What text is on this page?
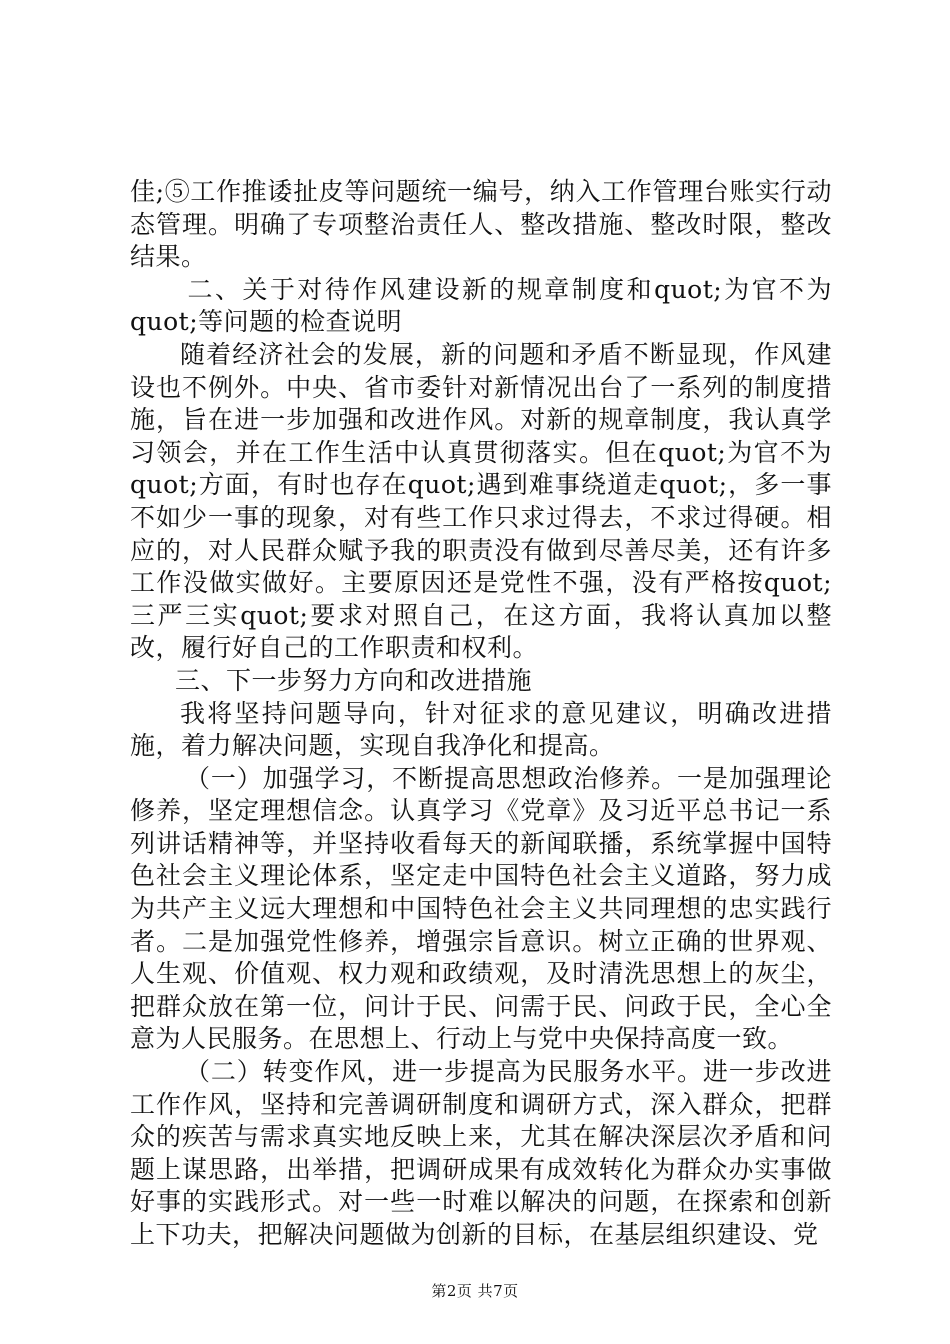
佳;⑤工作推诿扯皮等问题统一编号，纳入工作管理台账实行动态管理。明确了专项整治责任人、整改措施、整改时限，整改结果。

二、关于对待作风建设新的规章制度和quot;为官不为quot;等问题的检查说明

随着经济社会的发展，新的问题和矛盾不断显现，作风建设也不例外。中央、省市委针对新情况出台了一系列的制度措施，旨在进一步加强和改进作风。对新的规章制度，我认真学习领会，并在工作生活中认真贯彻落实。但在quot;为官不为quot;方面，有时也存在quot;遇到难事绕道走quot;，多一事不如少一事的现象，对有些工作只求过得去，不求过得硬。相应的，对人民群众赋予我的职责没有做到尽善尽美，还有许多工作没做实做好。主要原因还是党性不强，没有严格按quot;三严三实quot;要求对照自己，在这方面，我将认真加以整改，履行好自己的工作职责和权利。

三、下一步努力方向和改进措施

我将坚持问题导向，针对征求的意见建议，明确改进措施，着力解决问题，实现自我净化和提高。

（一）加强学习，不断提高思想政治修养。一是加强理论修养，坚定理想信念。认真学习《党章》及习近平总书记一系列讲话精神等，并坚持收看每天的新闻联播，系统掌握中国特色社会主义理论体系，坚定走中国特色社会主义道路，努力成为共产主义远大理想和中国特色社会主义共同理想的忠实践行者。二是加强党性修养，增强宗旨意识。树立正确的世界观、人生观、价值观、权力观和政绩观，及时清洗思想上的灰尘，把群众放在第一位，问计于民、问需于民、问政于民，全心全意为人民服务。在思想上、行动上与党中央保持高度一致。

（二）转变作风，进一步提高为民服务水平。进一步改进工作作风，坚持和完善调研制度和调研方式，深入群众，把群众的疾苦与需求真实地反映上来，尤其在解决深层次矛盾和问题上谋思路，出举措，把调研成果有成效转化为群众办实事做好事的实践形式。对一些一时难以解决的问题，在探索和创新上下功夫，把解决问题做为创新的目标，在基层组织建设、党

第2页 共7页
